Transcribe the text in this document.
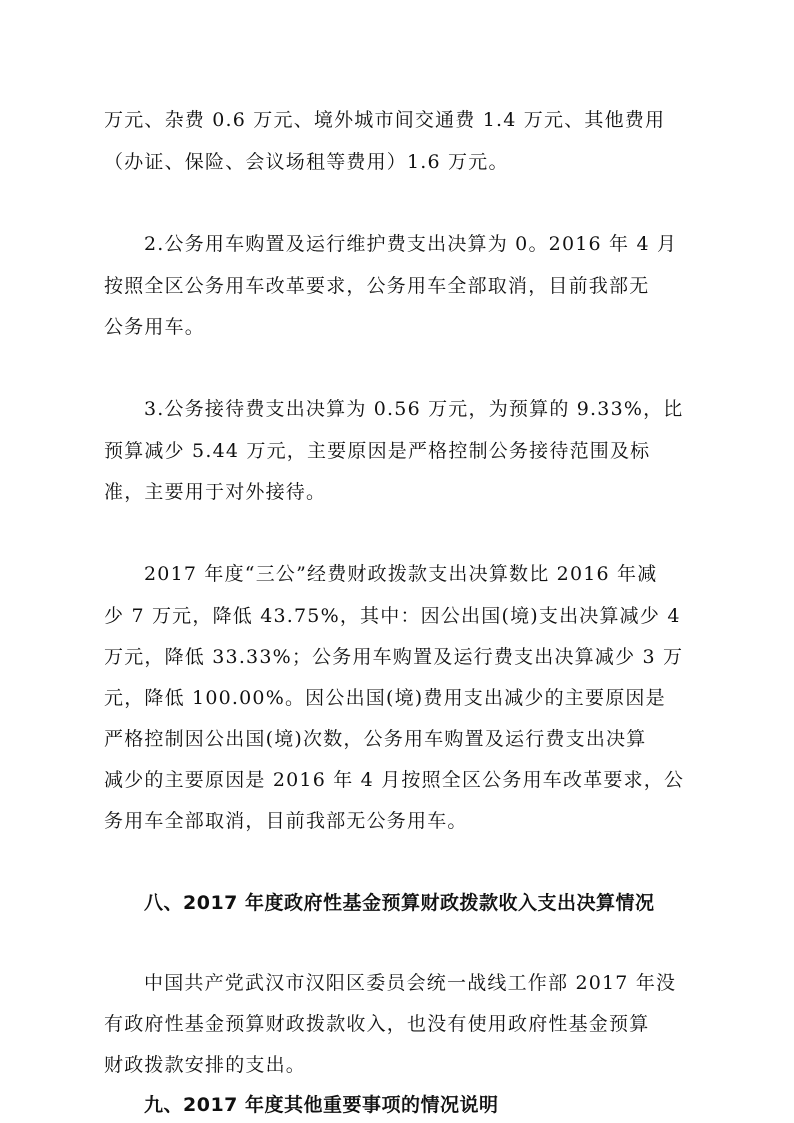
万元、杂费 0.6 万元、境外城市间交通费 1.4 万元、其他费用
（办证、保险、会议场租等费用）1.6 万元。
2.公务用车购置及运行维护费支出决算为 0。2016 年 4 月
按照全区公务用车改革要求，公务用车全部取消，目前我部无
公务用车。
3.公务接待费支出决算为 0.56 万元，为预算的 9.33%，比
预算减少 5.44 万元，主要原因是严格控制公务接待范围及标
准，主要用于对外接待。
2017 年度“三公”经费财政拨款支出决算数比 2016 年减
少 7 万元，降低 43.75%，其中：因公出国(境)支出决算减少 4
万元，降低 33.33%；公务用车购置及运行费支出决算减少 3 万
元，降低 100.00%。因公出国(境)费用支出减少的主要原因是
严格控制因公出国(境)次数，公务用车购置及运行费支出决算
减少的主要原因是 2016 年 4 月按照全区公务用车改革要求，公
务用车全部取消，目前我部无公务用车。
八、2017 年度政府性基金预算财政拨款收入支出决算情况
中国共产党武汉市汉阳区委员会统一战线工作部 2017 年没
有政府性基金预算财政拨款收入，也没有使用政府性基金预算
财政拨款安排的支出。
九、2017 年度其他重要事项的情况说明
